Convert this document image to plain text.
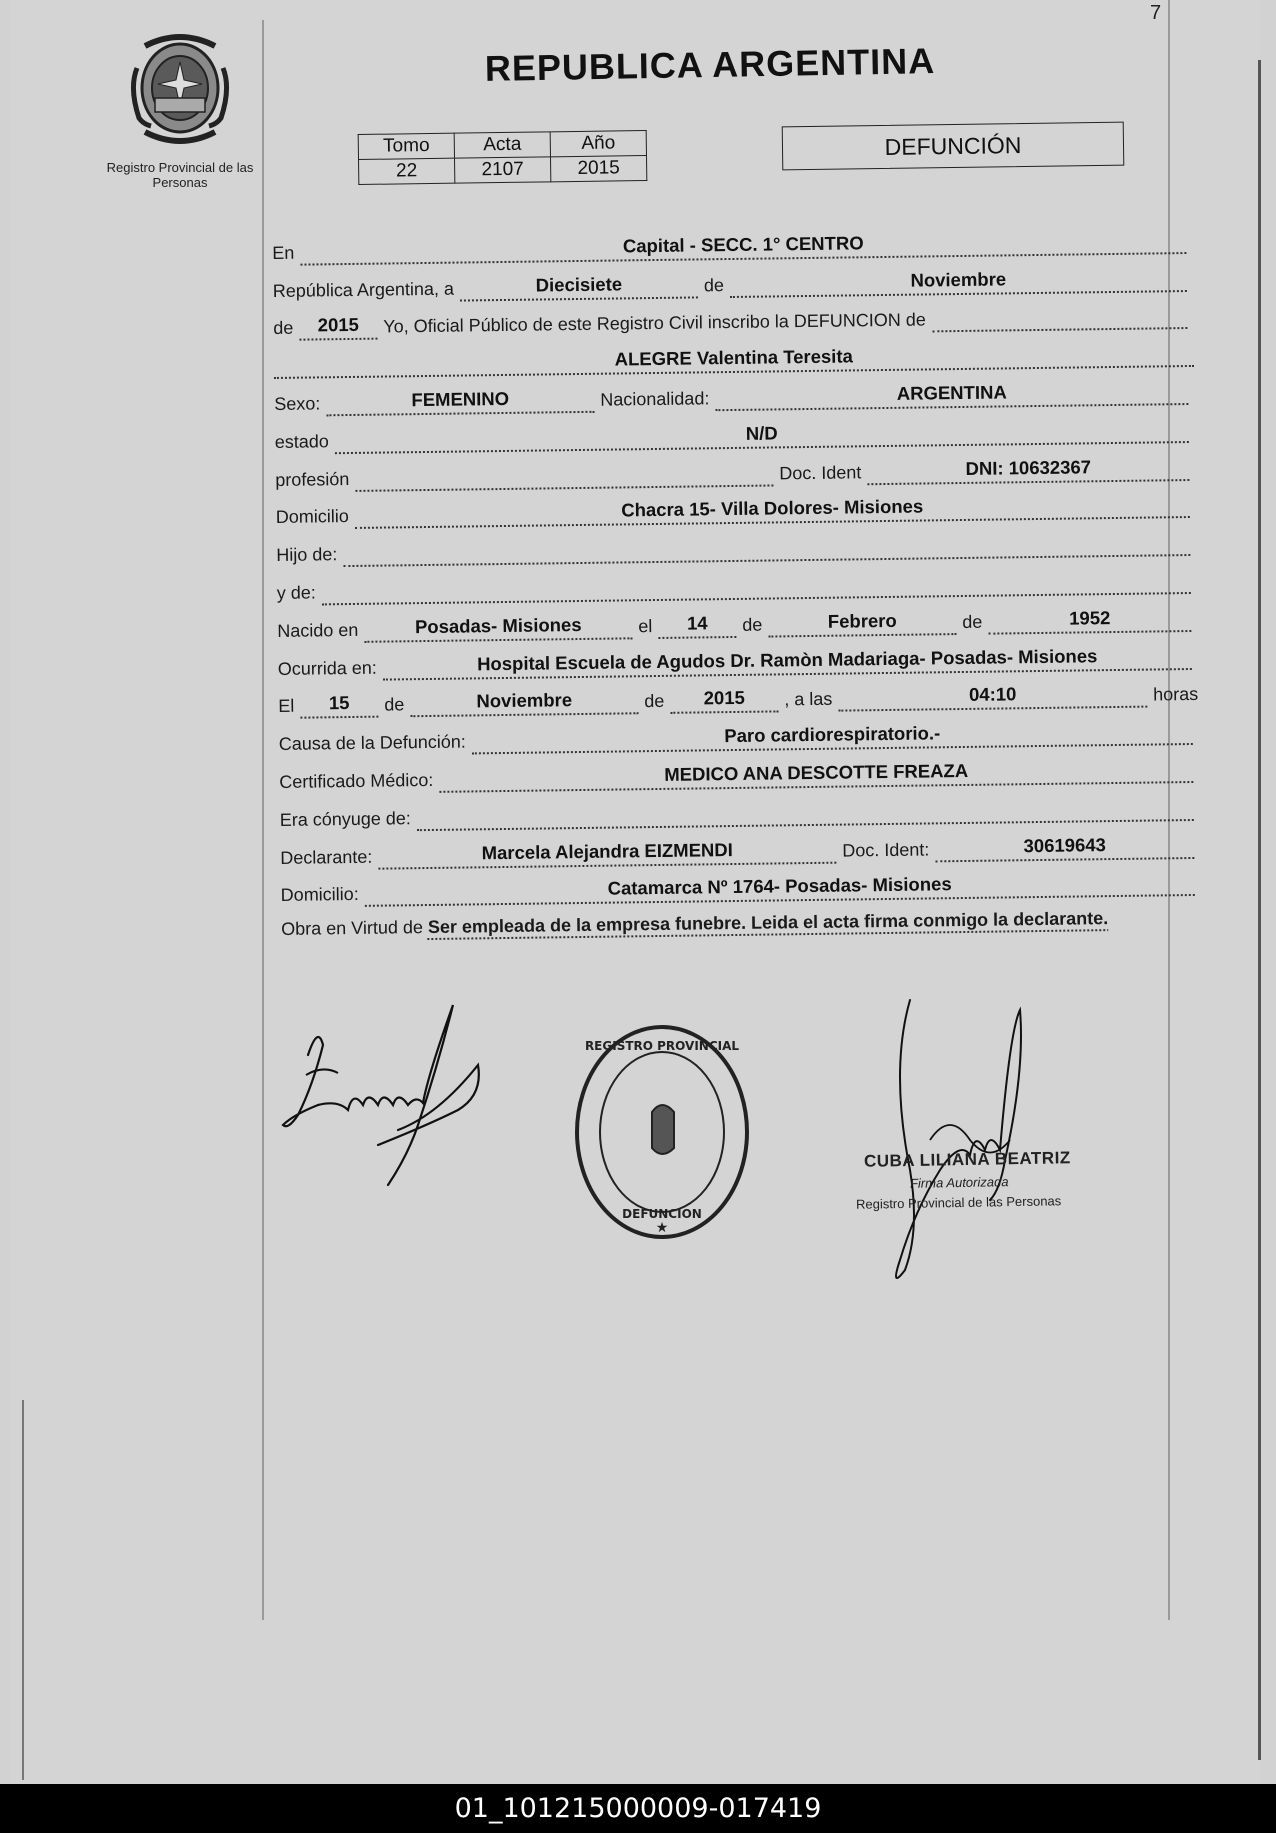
7
Registro Provincial de las Personas
REPUBLICA ARGENTINA
Tomo	Acta	Año
22	2107	2015
DEFUNCIÓN
En	Capital - SECC. 1° CENTRO
República Argentina, a	Diecisiete	de	Noviembre
de	2015	Yo, Oficial Público de este Registro Civil inscribo la DEFUNCION de
ALEGRE Valentina Teresita
Sexo:	FEMENINO	Nacionalidad:	ARGENTINA
estado	N/D
profesión	Doc. Ident	DNI: 10632367
Domicilio	Chacra 15- Villa Dolores- Misiones
Hijo de:
y de:
Nacido en	Posadas- Misiones	el	14	de	Febrero	de	1952
Ocurrida en:	Hospital Escuela de Agudos Dr. Ramòn Madariaga- Posadas- Misiones
El	15	de	Noviembre	de	2015	, a las	04:10	horas
Causa de la Defunción:	Paro cardiorespiratorio.-
Certificado Médico:	MEDICO ANA DESCOTTE FREAZA
Era cónyuge de:
Declarante:	Marcela Alejandra EIZMENDI	Doc. Ident:	30619643
Domicilio:	Catamarca Nº 1764- Posadas- Misiones
Obra en Virtud de Ser empleada de la empresa funebre. Leida el acta firma conmigo la declarante.
REGISTRO PROVINCIAL
DEFUNCION
★
CUBA LILIANA BEATRIZ
Firma Autorizada
Registro Provincial de las Personas
01_101215000009-017419
